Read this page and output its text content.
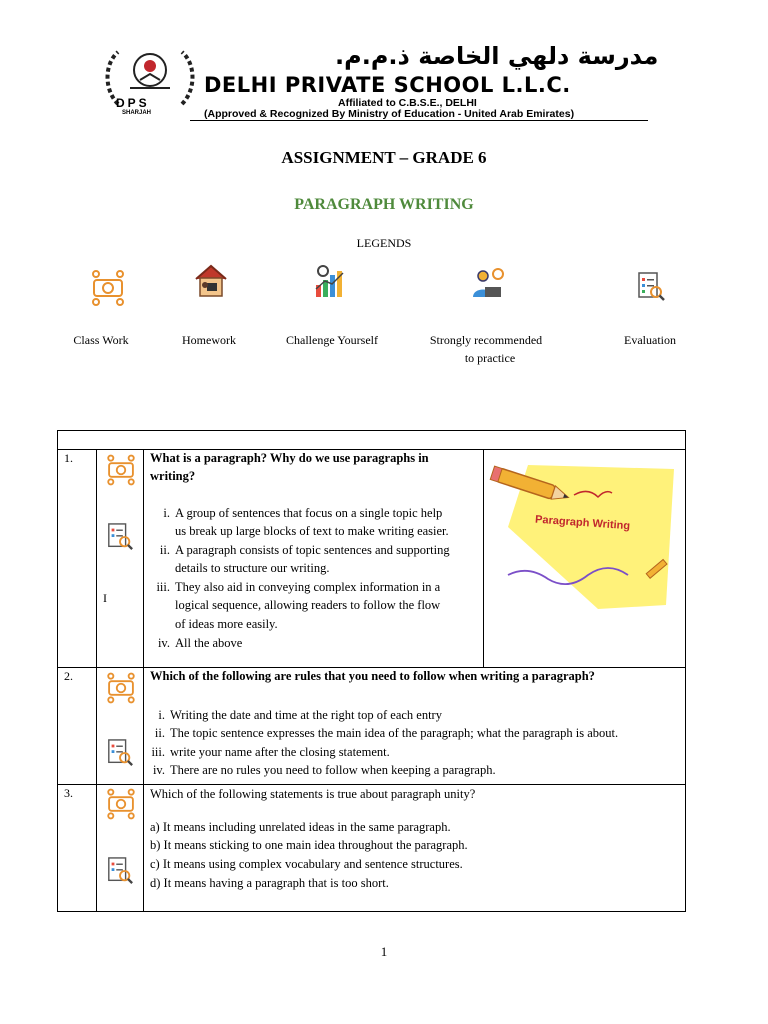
DPS
SHARJAH
مدرسة دلهي الخاصة ذ.م.م.
DELHI PRIVATE SCHOOL L.L.C.
Affiliated to C.B.S.E., DELHI
(Approved & Recognized By Ministry of Education - United Arab Emirates)
ASSIGNMENT – GRADE 6
PARAGRAPH WRITING
LEGENDS
Class Work	Homework	Challenge Yourself	Strongly recommended
to practice
Evaluation
1.
I
What is a paragraph? Why do we use paragraphs in
writing?
i. A group of sentences that focus on a single topic help
us break up large blocks of text to make writing easier.
ii. A paragraph consists of topic sentences and supporting
details to structure our writing.
iii. They also aid in conveying complex information in a
logical sequence, allowing readers to follow the flow
of ideas more easily.
iv. All the above
Paragraph Writing
2.	Which of the following are rules that you need to follow when writing a paragraph?
i. Writing the date and time at the right top of each entry
ii. The topic sentence expresses the main idea of the paragraph; what the paragraph is about.
iii. write your name after the closing statement.
iv. There are no rules you need to follow when keeping a paragraph.
3.	Which of the following statements is true about paragraph unity?
a) It means including unrelated ideas in the same paragraph.
b) It means sticking to one main idea throughout the paragraph.
c) It means using complex vocabulary and sentence structures.
d) It means having a paragraph that is too short.
1
